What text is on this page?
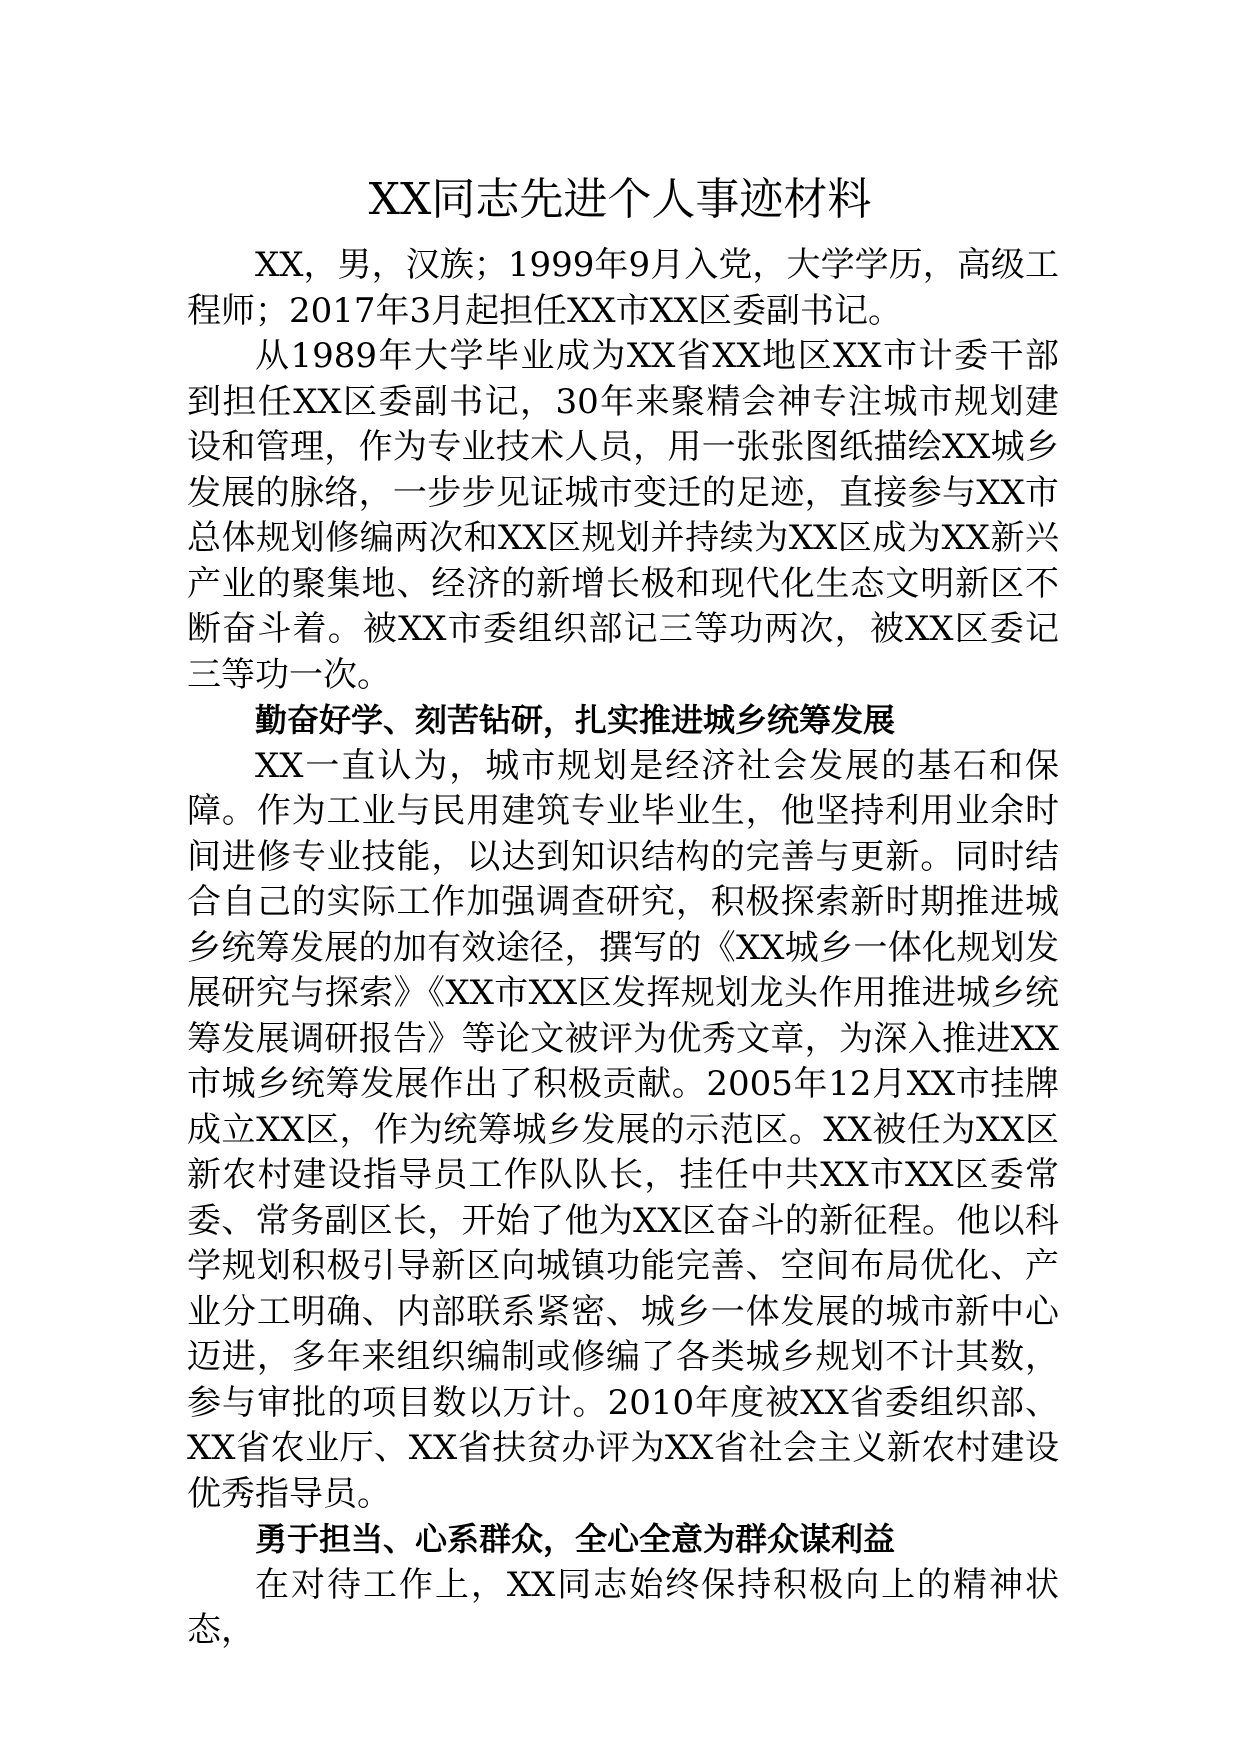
XX同志先进个人事迹材料

XX，男，汉族；1999年9月入党，大学学历，高级工程师；2017年3月起担任XX市XX区委副书记。

从1989年大学毕业成为XX省XX地区XX市计委干部到担任XX区委副书记，30年来聚精会神专注城市规划建设和管理，作为专业技术人员，用一张张图纸描绘XX城乡发展的脉络，一步步见证城市变迁的足迹，直接参与XX市总体规划修编两次和XX区规划并持续为XX区成为XX新兴产业的聚集地、经济的新增长极和现代化生态文明新区不断奋斗着。被XX市委组织部记三等功两次，被XX区委记三等功一次。

勤奋好学、刻苦钻研，扎实推进城乡统筹发展

XX一直认为，城市规划是经济社会发展的基石和保障。作为工业与民用建筑专业毕业生，他坚持利用业余时间进修专业技能，以达到知识结构的完善与更新。同时结合自己的实际工作加强调查研究，积极探索新时期推进城乡统筹发展的加有效途径，撰写的《XX城乡一体化规划发展研究与探索》《XX市XX区发挥规划龙头作用推进城乡统筹发展调研报告》等论文被评为优秀文章，为深入推进XX市城乡统筹发展作出了积极贡献。2005年12月XX市挂牌成立XX区，作为统筹城乡发展的示范区。XX被任为XX区新农村建设指导员工作队队长，挂任中共XX市XX区委常委、常务副区长，开始了他为XX区奋斗的新征程。他以科学规划积极引导新区向城镇功能完善、空间布局优化、产业分工明确、内部联系紧密、城乡一体发展的城市新中心迈进，多年来组织编制或修编了各类城乡规划不计其数，参与审批的项目数以万计。2010年度被XX省委组织部、XX省农业厅、XX省扶贫办评为XX省社会主义新农村建设优秀指导员。

勇于担当、心系群众，全心全意为群众谋利益

在对待工作上，XX同志始终保持积极向上的精神状态，
